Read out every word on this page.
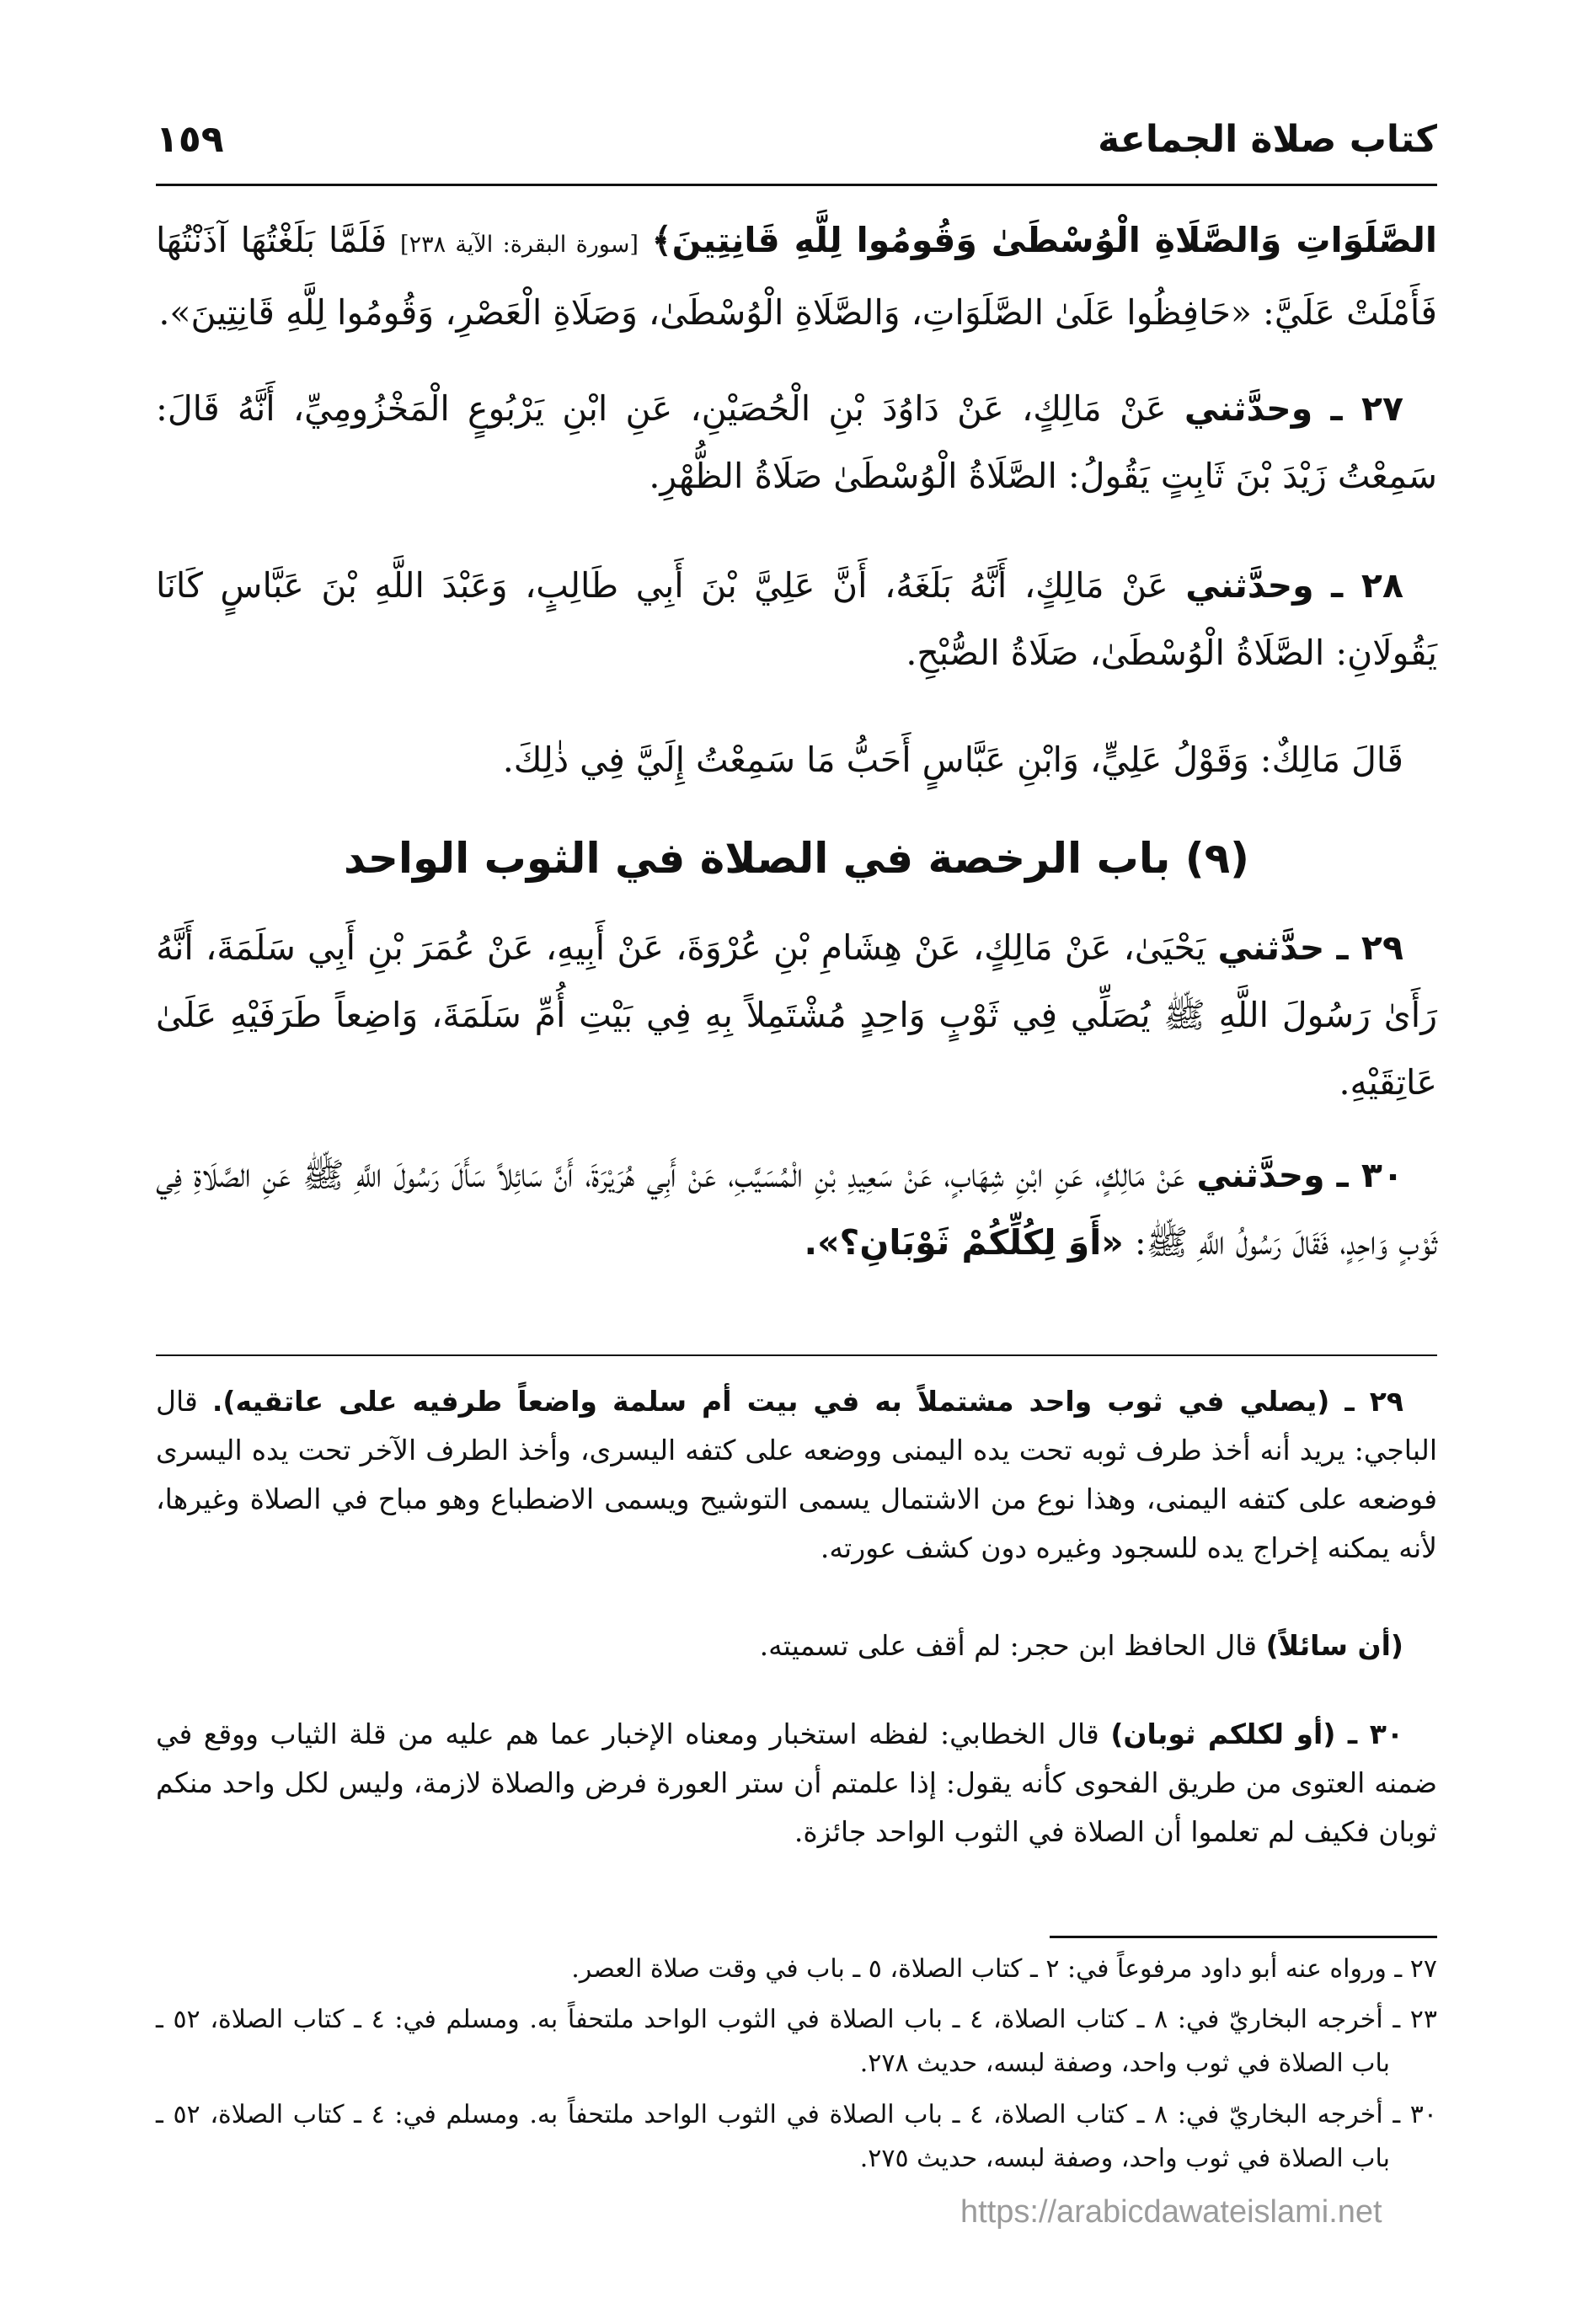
كتاب صلاة الجماعة
١٥٩
الصَّلَوَاتِ وَالصَّلَاةِ الْوُسْطَىٰ وَقُومُوا لِلَّهِ قَانِتِينَ﴾ [سورة البقرة: الآية ٢٣٨] فَلَمَّا بَلَغْتُهَا آذَنْتُهَا فَأَمْلَتْ عَلَيَّ: «حَافِظُوا عَلَىٰ الصَّلَوَاتِ، وَالصَّلَاةِ الْوُسْطَىٰ، وَصَلَاةِ الْعَصْرِ، وَقُومُوا لِلَّهِ قَانِتِينَ».
٢٧ ـ وحدَّثني عَنْ مَالِكٍ، عَنْ دَاوُدَ بْنِ الْحُصَيْنِ، عَنِ ابْنِ يَرْبُوعٍ الْمَخْزُومِيِّ، أَنَّهُ قَالَ: سَمِعْتُ زَيْدَ بْنَ ثَابِتٍ يَقُولُ: الصَّلَاةُ الْوُسْطَىٰ صَلَاةُ الظُّهْرِ.
٢٨ ـ وحدَّثني عَنْ مَالِكٍ، أَنَّهُ بَلَغَهُ، أَنَّ عَلِيَّ بْنَ أَبِي طَالِبٍ، وَعَبْدَ اللَّهِ بْنَ عَبَّاسٍ كَانَا يَقُولَانِ: الصَّلَاةُ الْوُسْطَىٰ، صَلَاةُ الصُّبْحِ.
قَالَ مَالِكٌ: وَقَوْلُ عَلِيٍّ، وَابْنِ عَبَّاسٍ أَحَبُّ مَا سَمِعْتُ إِلَيَّ فِي ذٰلِكَ.
(٩) باب الرخصة في الصلاة في الثوب الواحد
٢٩ ـ حدَّثني يَحْيَىٰ، عَنْ مَالِكٍ، عَنْ هِشَامِ بْنِ عُرْوَةَ، عَنْ أَبِيهِ، عَنْ عُمَرَ بْنِ أَبِي سَلَمَةَ، أَنَّهُ رَأَىٰ رَسُولَ اللَّهِ ﷺ يُصَلِّي فِي ثَوْبٍ وَاحِدٍ مُشْتَمِلاً بِهِ فِي بَيْتِ أُمِّ سَلَمَةَ، وَاضِعاً طَرَفَيْهِ عَلَىٰ عَاتِقَيْهِ.
٣٠ ـ وحدَّثني عَنْ مَالِكٍ، عَنِ ابْنِ شِهَابٍ، عَنْ سَعِيدِ بْنِ الْمُسَيَّبِ، عَنْ أَبِي هُرَيْرَةَ، أَنَّ سَائِلاً سَأَلَ رَسُولَ اللَّهِ ﷺ عَنِ الصَّلَاةِ فِي ثَوْبٍ وَاحِدٍ، فَقَالَ رَسُولُ اللَّهِ ﷺ: «أَوَ لِكُلِّكُمْ ثَوْبَانِ؟».
٢٩ ـ (يصلي في ثوب واحد مشتملاً به في بيت أم سلمة واضعاً طرفيه على عاتقيه). قال الباجي: يريد أنه أخذ طرف ثوبه تحت يده اليمنى ووضعه على كتفه اليسرى، وأخذ الطرف الآخر تحت يده اليسرى فوضعه على كتفه اليمنى، وهذا نوع من الاشتمال يسمى التوشيح ويسمى الاضطباع وهو مباح في الصلاة وغيرها، لأنه يمكنه إخراج يده للسجود وغيره دون كشف عورته.
(أن سائلاً) قال الحافظ ابن حجر: لم أقف على تسميته.
٣٠ ـ (أو لكلكم ثوبان) قال الخطابي: لفظه استخبار ومعناه الإخبار عما هم عليه من قلة الثياب ووقع في ضمنه العتوى من طريق الفحوى كأنه يقول: إذا علمتم أن ستر العورة فرض والصلاة لازمة، وليس لكل واحد منكم ثوبان فكيف لم تعلموا أن الصلاة في الثوب الواحد جائزة.
٢٧ ـ ورواه عنه أبو داود مرفوعاً في: ٢ ـ كتاب الصلاة، ٥ ـ باب في وقت صلاة العصر.
٢٣ ـ أخرجه البخاريّ في: ٨ ـ كتاب الصلاة، ٤ ـ باب الصلاة في الثوب الواحد ملتحفاً به. ومسلم في: ٤ ـ كتاب الصلاة، ٥٢ ـ باب الصلاة في ثوب واحد، وصفة لبسه، حديث ٢٧٨.
٣٠ ـ أخرجه البخاريّ في: ٨ ـ كتاب الصلاة، ٤ ـ باب الصلاة في الثوب الواحد ملتحفاً به. ومسلم في: ٤ ـ كتاب الصلاة، ٥٢ ـ باب الصلاة في ثوب واحد، وصفة لبسه، حديث ٢٧٥.
https://arabicdawateislami.net
